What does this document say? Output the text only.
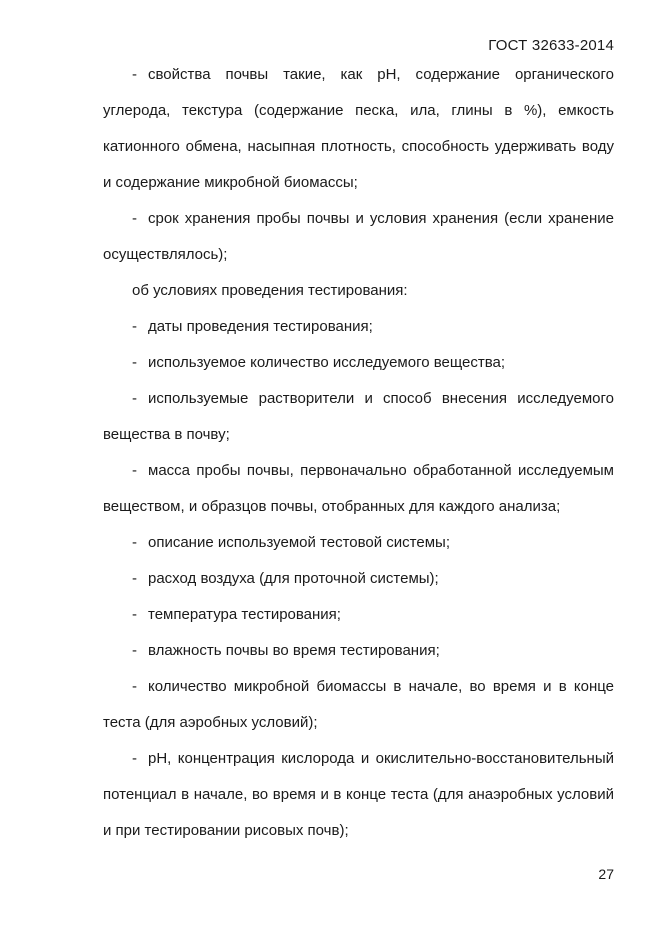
ГОСТ 32633-2014

- свойства почвы такие, как pH, содержание органического углерода, текстура (содержание песка, ила, глины в %), емкость катионного обмена, насыпная плотность, способность удерживать воду и содержание микробной биомассы;

- срок хранения пробы почвы и условия хранения (если хранение осуществлялось);

об условиях проведения тестирования:

- даты проведения тестирования;

- используемое количество исследуемого вещества;

- используемые растворители и способ внесения исследуемого вещества в почву;

- масса пробы почвы, первоначально обработанной исследуемым веществом, и образцов почвы, отобранных для каждого анализа;

- описание используемой тестовой системы;

- расход воздуха (для проточной системы);

- температура тестирования;

- влажность почвы во время тестирования;

- количество микробной биомассы в начале, во время и в конце теста (для аэробных условий);

- pH, концентрация кислорода и окислительно-восстановительный потенциал в начале, во время и в конце теста (для анаэробных условий и при тестировании рисовых почв);

27
